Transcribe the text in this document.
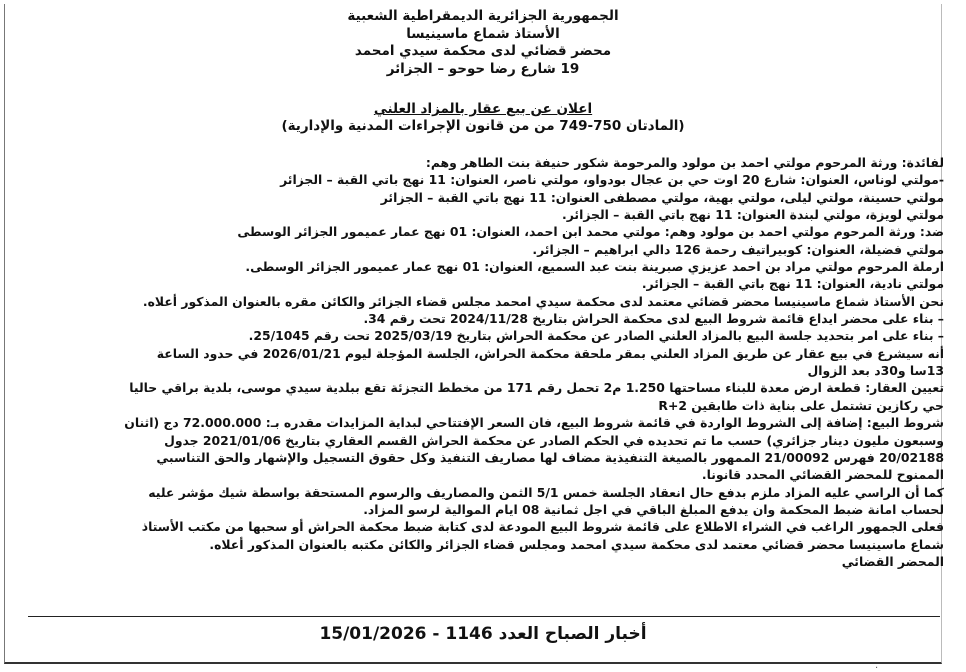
الجمهورية الجزائرية الديمقراطية الشعبية
الأستاذ شماع ماسينيسا
محضر قضائي لدى محكمة سيدي امحمد
19 شارع رضا حوحو – الجزائر
اعلان عن بيع عقار بالمزاد العلني
(المادتان 750-749 من من قانون الإجراءات المدنية والإدارية)
لفائدة: ورثة المرحوم مولتي احمد بن مولود والمرحومة شكور حنيفة بنت الطاهر وهم:
-مولتي لوناس، العنوان: شارع 20 اوت حي بن عجال بودواو، مولتي ناصر، العنوان: 11 نهج باتي القبة – الجزائر
مولتي حسينة، مولتي ليلى، مولتي بهية، مولتي مصطفى العنوان: 11 نهج باتي القبة – الجزائر
مولتي لويزة، مولتي لبندة العنوان: 11 نهج باتي القبة – الجزائر.
ضد: ورثة المرحوم مولتي احمد بن مولود وهم: مولتي محمد ابن احمد، العنوان: 01 نهج عمار عميمور الجزائر الوسطى
مولتي فضيلة، العنوان: كوبيراتيف رحمة 126 دالي ابراهيم – الجزائر.
ارملة المرحوم مولتي مراد بن احمد عزيزي صبرينة بنت عبد السميع، العنوان: 01 نهج عمار عميمور الجزائر الوسطى.
مولتي نادية، العنوان: 11 نهج باتي القبة – الجزائر.
نحن الأستاذ شماع ماسينيسا محضر قضائي معتمد لدى محكمة سيدي امحمد مجلس قضاء الجزائر والكائن مقره بالعنوان المذكور أعلاه.
– بناء على محضر ايداع قائمة شروط البيع لدى محكمة الحراش بتاريخ 2024/11/28 تحت رقم 34.
– بناء على امر بتحديد جلسة البيع بالمزاد العلني الصادر عن محكمة الحراش بتاريخ 2025/03/19 تحت رقم 25/1045.
أنه سيشرع في بيع عقار عن طريق المزاد العلني بمقر ملحقة محكمة الحراش، الجلسة المؤجلة ليوم 2026/01/21 في حدود الساعة
13سا و30د بعد الزوال
تعيين العقار: قطعة ارض معدة للبناء مساحتها 1.250 م2 تحمل رقم 171 من مخطط التجزئة تقع ببلدية سيدي موسى، بلدية براقي حاليا
حي ركازين تشتمل على بناية ذات طابقين R+2
شروط البيع: إضافة إلى الشروط الواردة في قائمة شروط البيع، فان السعر الإفتتاحي لبداية المزايدات مقدره بـ: 72.000.000 دج (اثنان
وسبعون مليون دينار جزائري) حسب ما تم تحديده في الحكم الصادر عن محكمة الحراش القسم العقاري بتاريخ 2021/01/06 جدول
20/02188 فهرس 21/00092 الممهور بالصيغة التنفيذية مضاف لها مصاريف التنفيذ وكل حقوق التسجيل والإشهار والحق التناسبي
الممنوح للمحضر القضائي المحدد قانونا.
كما أن الراسي عليه المزاد ملزم بدفع حال انعقاد الجلسة خمس 5/1 الثمن والمصاريف والرسوم المستحقة بواسطة شيك مؤشر عليه
لحساب امانة ضبط المحكمة وان يدفع المبلغ الباقي في اجل ثمانية 08 ايام الموالية لرسو المزاد.
فعلى الجمهور الراغب في الشراء الاطلاع على قائمة شروط البيع المودعة لدى كتابة ضبط محكمة الحراش أو سحبها من مكتب الأستاذ
شماع ماسينيسا محضر قضائي معتمد لدى محكمة سيدي امحمد ومجلس قضاء الجزائر والكائن مكتبه بالعنوان المذكور أعلاه.
المحضر القضائي
أخبار الصباح العدد 1146 - 15/01/2026
.
